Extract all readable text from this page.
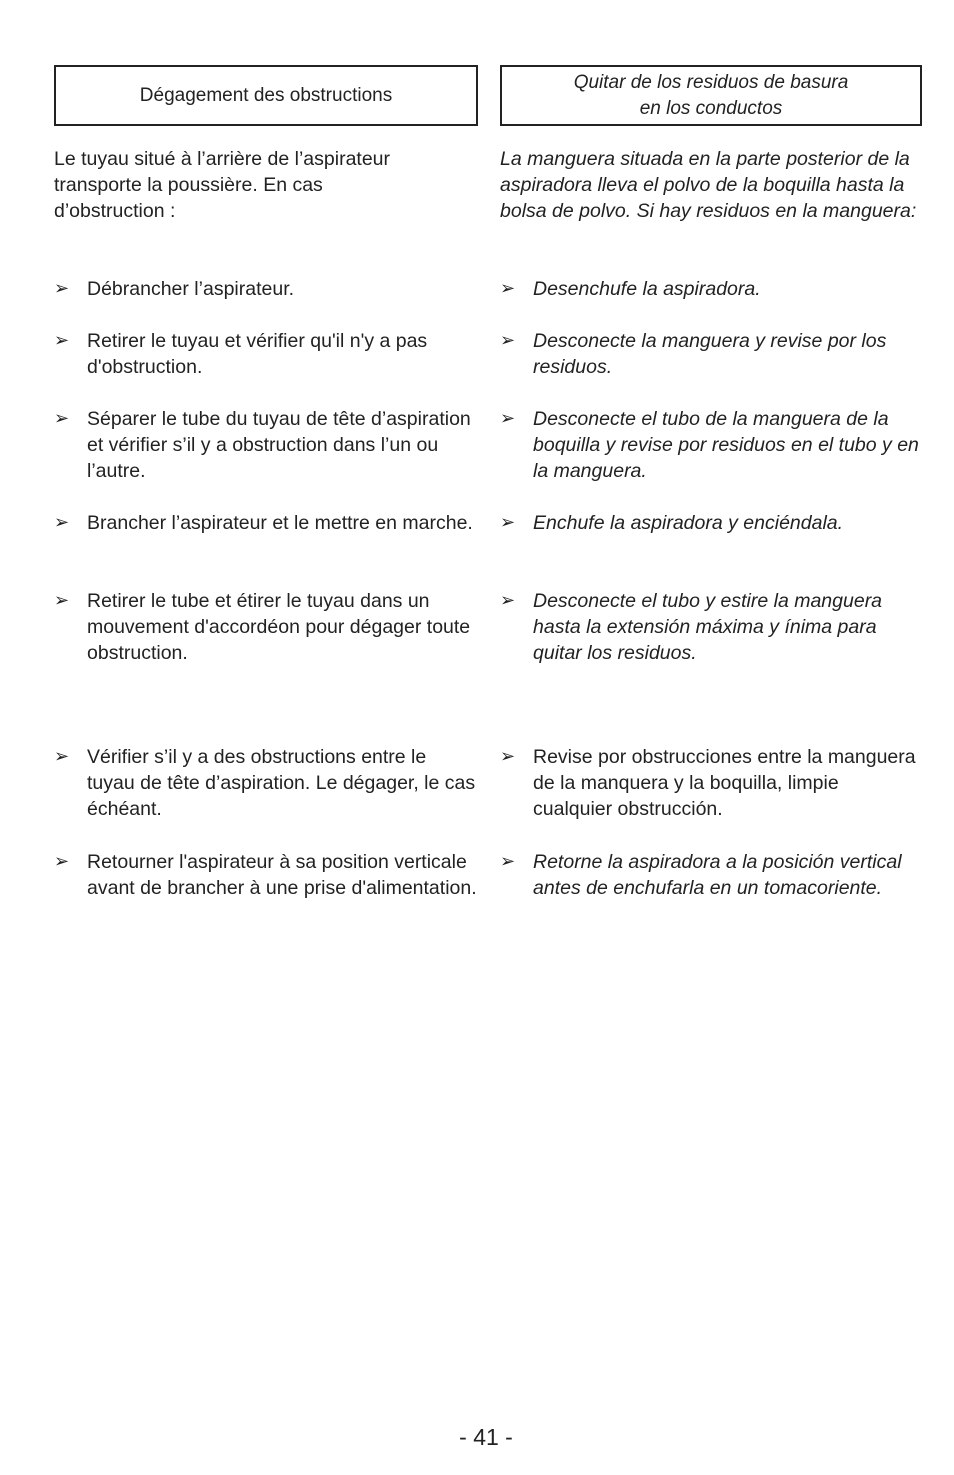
Dégagement des obstructions

Le tuyau situé à l’arrière de l’aspirateur transporte la poussière. En cas d’obstruction :

➢ Débrancher l’aspirateur.

➢ Retirer le tuyau et vérifier qu'il n'y a pas d'obstruction.

➢ Séparer le tube du tuyau de tête d’aspiration et vérifier s’il y a obstruction dans l’un ou l’autre.

➢ Brancher l’aspirateur et le mettre en marche.

➢ Retirer le tube et étirer le tuyau dans un mouvement d'accordéon pour dégager toute obstruction.

➢ Vérifier s’il y a des obstructions entre le tuyau de tête d’aspiration. Le dégager, le cas échéant.

➢ Retourner l'aspirateur à sa position verticale avant de brancher à une prise d'alimentation.

Quitar de los residuos de basura
en los conductos

La manguera situada en la parte posterior de la aspiradora lleva el polvo de la boquilla hasta la bolsa de polvo. Si hay residuos en la manguera:

➢ Desenchufe la aspiradora.

➢ Desconecte la manguera y revise por los residuos.

➢ Desconecte el tubo de la manguera de la boquilla y revise por residuos en el tubo y en la manguera.

➢ Enchufe la aspiradora y enciéndala.

➢ Desconecte el tubo y estire la manguera hasta la extensión máxima y ínima para quitar los residuos.

➢ Revise por obstrucciones entre la manguera de la manquera y la boquilla, limpie cualquier obstrucción.

➢ Retorne la aspiradora a la posición vertical antes de enchufarla en un tomacoriente.

- 41 -
